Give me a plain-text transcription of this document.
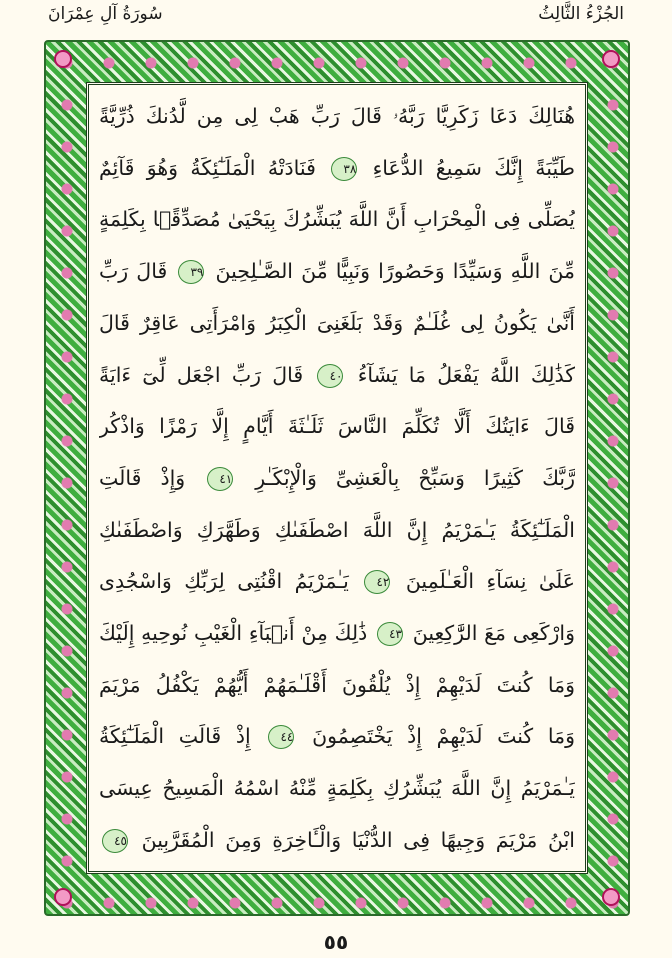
الجُزْءُ الثَّالِثُ
سُورَةُ آلِ عِمْرَانَ
هُنَالِكَ دَعَا زَكَرِيَّا رَبَّهُۥ قَالَ رَبِّ هَبْ لِى مِن لَّدُنكَ ذُرِّيَّةً
طَيِّبَةً إِنَّكَ سَمِيعُ الدُّعَاءِ ٣٨ فَنَادَتْهُ الْمَلَـٰٓئِكَةُ وَهُوَ قَآئِمٌ
يُصَلِّى فِى الْمِحْرَابِ أَنَّ اللَّهَ يُبَشِّرُكَ بِيَحْيَىٰ مُصَدِّقًۢا بِكَلِمَةٍ
مِّنَ اللَّهِ وَسَيِّدًا وَحَصُورًا وَنَبِيًّا مِّنَ الصَّـٰلِحِينَ ٣٩ قَالَ رَبِّ
أَنَّىٰ يَكُونُ لِى غُلَـٰمٌ وَقَدْ بَلَغَنِىَ الْكِبَرُ وَامْرَأَتِى عَاقِرٌ قَالَ
كَذَٰلِكَ اللَّهُ يَفْعَلُ مَا يَشَآءُ ٤٠ قَالَ رَبِّ اجْعَل لِّىٓ ءَايَةً
قَالَ ءَايَتُكَ أَلَّا تُكَلِّمَ النَّاسَ ثَلَـٰثَةَ أَيَّامٍ إِلَّا رَمْزًا وَاذْكُر
رَّبَّكَ كَثِيرًا وَسَبِّحْ بِالْعَشِىِّ وَالْإِبْكَـٰرِ ٤١ وَإِذْ قَالَتِ
الْمَلَـٰٓئِكَةُ يَـٰمَرْيَمُ إِنَّ اللَّهَ اصْطَفَىٰكِ وَطَهَّرَكِ وَاصْطَفَىٰكِ
عَلَىٰ نِسَآءِ الْعَـٰلَمِينَ ٤٢ يَـٰمَرْيَمُ اقْنُتِى لِرَبِّكِ وَاسْجُدِى
وَارْكَعِى مَعَ الرَّٰكِعِينَ ٤٣ ذَٰلِكَ مِنْ أَنۢبَآءِ الْغَيْبِ نُوحِيهِ إِلَيْكَ
وَمَا كُنتَ لَدَيْهِمْ إِذْ يُلْقُونَ أَقْلَـٰمَهُمْ أَيُّهُمْ يَكْفُلُ مَرْيَمَ
وَمَا كُنتَ لَدَيْهِمْ إِذْ يَخْتَصِمُونَ ٤٤ إِذْ قَالَتِ الْمَلَـٰٓئِكَةُ
يَـٰمَرْيَمُ إِنَّ اللَّهَ يُبَشِّرُكِ بِكَلِمَةٍ مِّنْهُ اسْمُهُ الْمَسِيحُ عِيسَى
ابْنُ مَرْيَمَ وَجِيهًا فِى الدُّنْيَا وَالْـَٔاخِرَةِ وَمِنَ الْمُقَرَّبِينَ ٤٥
٥٥
